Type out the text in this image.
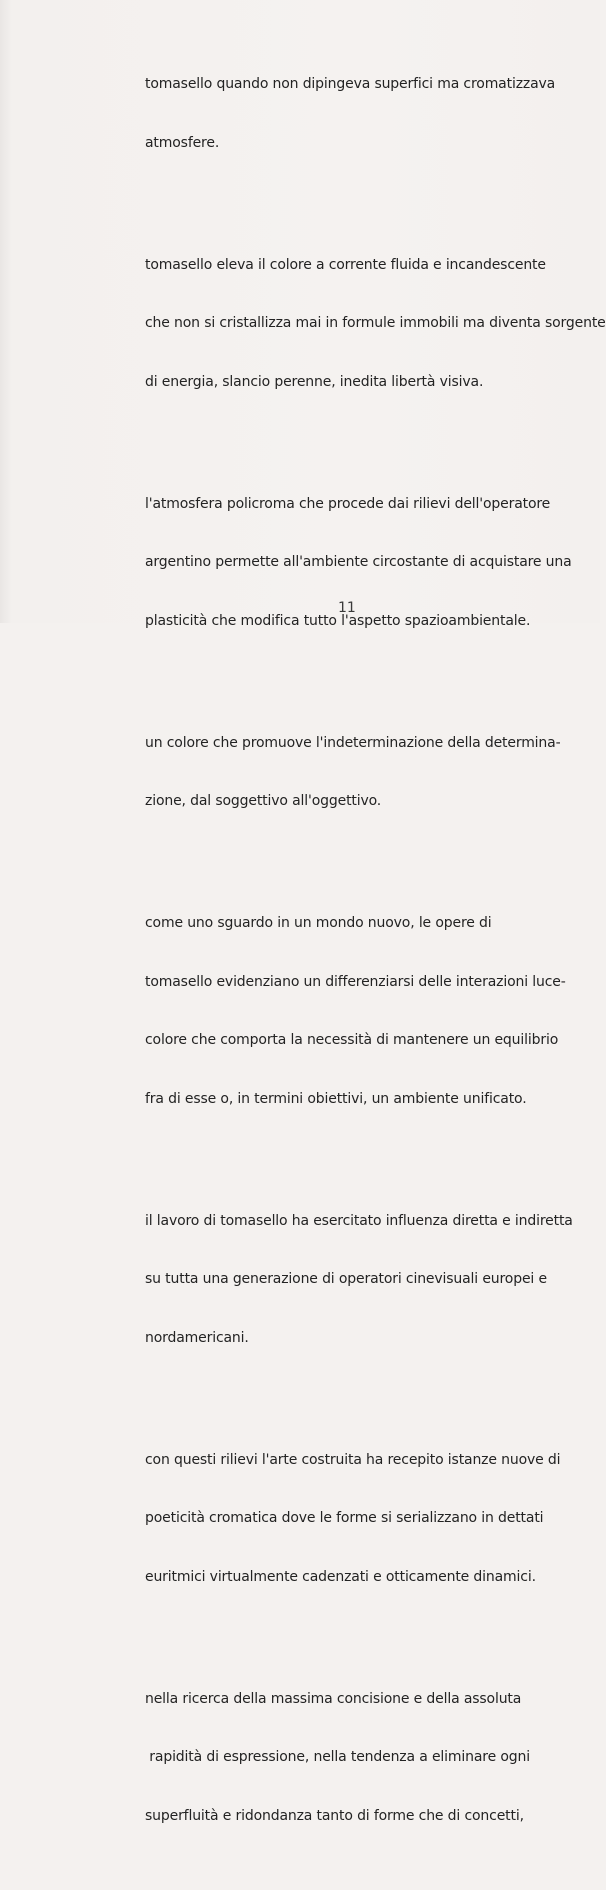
tomasello quando non dipingeva superfici ma cromatizzava

atmosfere.

tomasello eleva il colore a corrente fluida e incandescente

che non si cristallizza mai in formule immobili ma diventa sorgente

di energia, slancio perenne, inedita libertà visiva.

l'atmosfera policroma che procede dai rilievi dell'operatore

argentino permette all'ambiente circostante di acquistare una

plasticità che modifica tutto l'aspetto spazioambientale.

un colore che promuove l'indeterminazione della determina-

zione, dal soggettivo all'oggettivo.

come uno sguardo in un mondo nuovo, le opere di

tomasello evidenziano un differenziarsi delle interazioni luce-

colore che comporta la necessità di mantenere un equilibrio

fra di esse o, in termini obiettivi, un ambiente unificato.

il lavoro di tomasello ha esercitato influenza diretta e indiretta

su tutta una generazione di operatori cinevisuali europei e

nordamericani.

con questi rilievi l'arte costruita ha recepito istanze nuove di

poeticità cromatica dove le forme si serializzano in dettati

euritmici virtualmente cadenzati e otticamente dinamici.

nella ricerca della massima concisione e della assoluta

rapidità di espressione, nella tendenza a eliminare ogni

superfluità e ridondanza tanto di forme che di concetti,

11
